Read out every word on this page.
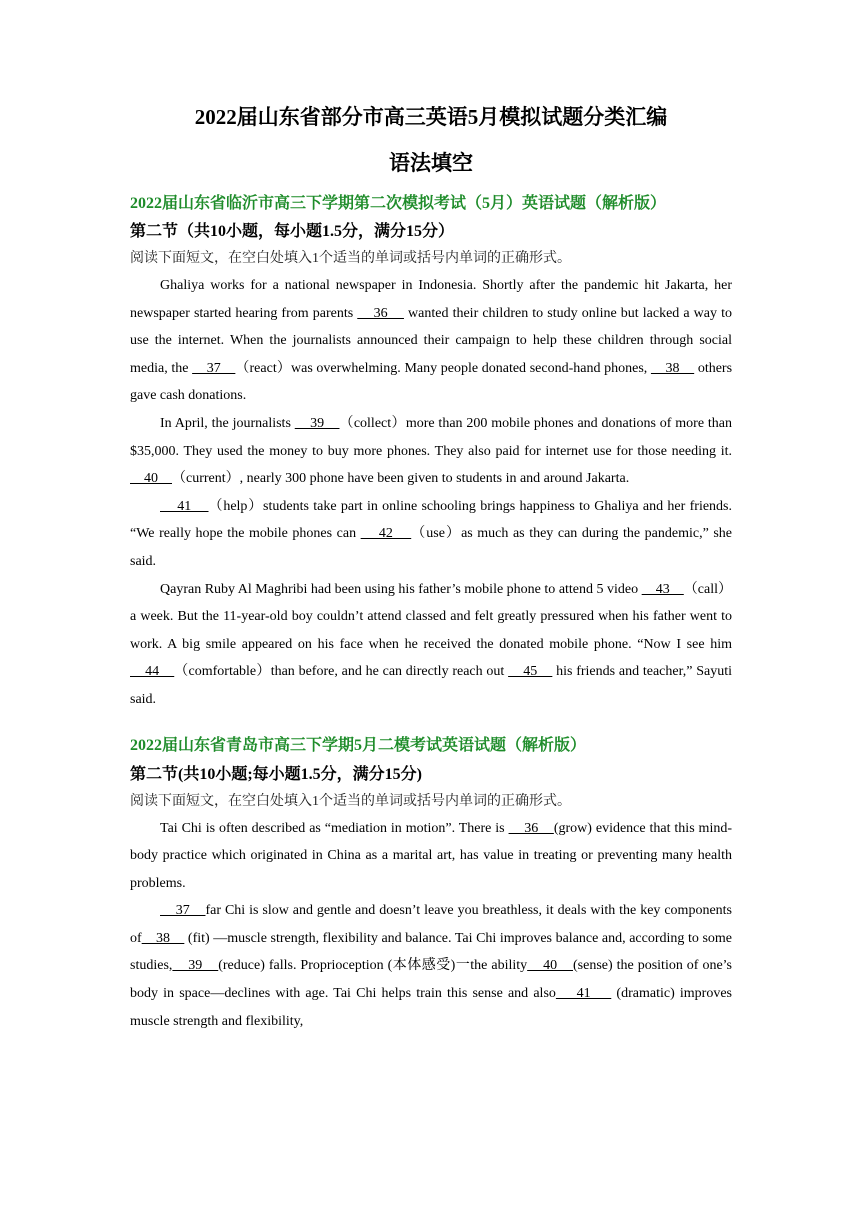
2022届山东省部分市高三英语5月模拟试题分类汇编
语法填空

2022届山东省临沂市高三下学期第二次模拟考试（5月）英语试题（解析版）

第二节（共10小题，每小题1.5分，满分15分）

阅读下面短文，在空白处填入1个适当的单词或括号内单词的正确形式。

Ghaliya works for a national newspaper in Indonesia. Shortly after the pandemic hit Jakarta, her newspaper started hearing from parents     36     wanted their children to study online but lacked a way to use the internet. When the journalists announced their campaign to help these children through social media, the     37    （react）was overwhelming. Many people donated second-hand phones,     38     others gave cash donations.

In April, the journalists     39    （collect）more than 200 mobile phones and donations of more than $35,000. They used the money to buy more phones. They also paid for internet use for those needing it.     40    （current）, nearly 300 phone have been given to students in and around Jakarta.

41    （help）students take part in online schooling brings happiness to Ghaliya and her friends. “We really hope the mobile phones can     42    （use）as much as they can during the pandemic,” she said.

Qayran Ruby Al Maghribi had been using his father’s mobile phone to attend 5 video     43    （call）a week. But the 11-year-old boy couldn’t attend classed and felt greatly pressured when his father went to work. A big smile appeared on his face when he received the donated mobile phone. “Now I see him     44    （comfortable）than before, and he can directly reach out     45     his friends and teacher,” Sayuti said.

2022届山东省青岛市高三下学期5月二模考试英语试题（解析版）

第二节(共10小题;每小题1.5分，满分15分)

阅读下面短文，在空白处填入1个适当的单词或括号内单词的正确形式。

Tai Chi is often described as “mediation in motion”. There is     36    (grow) evidence that this mind-body practice which originated in China as a marital art, has value in treating or preventing many health problems.

37    far Chi is slow and gentle and doesn’t leave you breathless, it deals with the key components of    38     (fit) —muscle strength, flexibility and balance. Tai Chi improves balance and, according to some studies,    39    (reduce) falls. Proprioception (本体感受)一the ability    40    (sense) the position of one’s body in space—declines with age. Tai Chi helps train this sense and also    41     (dramatic) improves muscle strength and flexibility,
